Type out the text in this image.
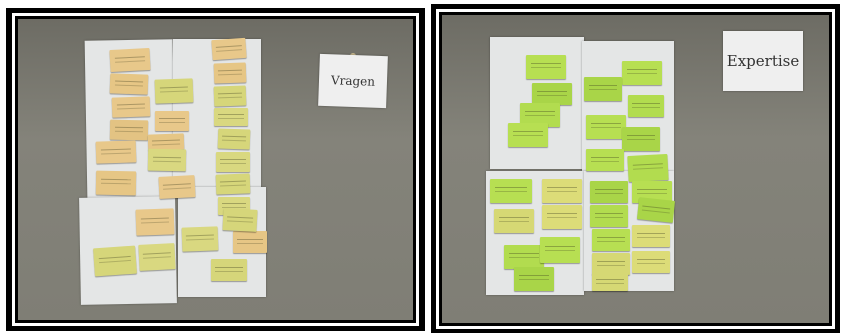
Vragen
Expertise
